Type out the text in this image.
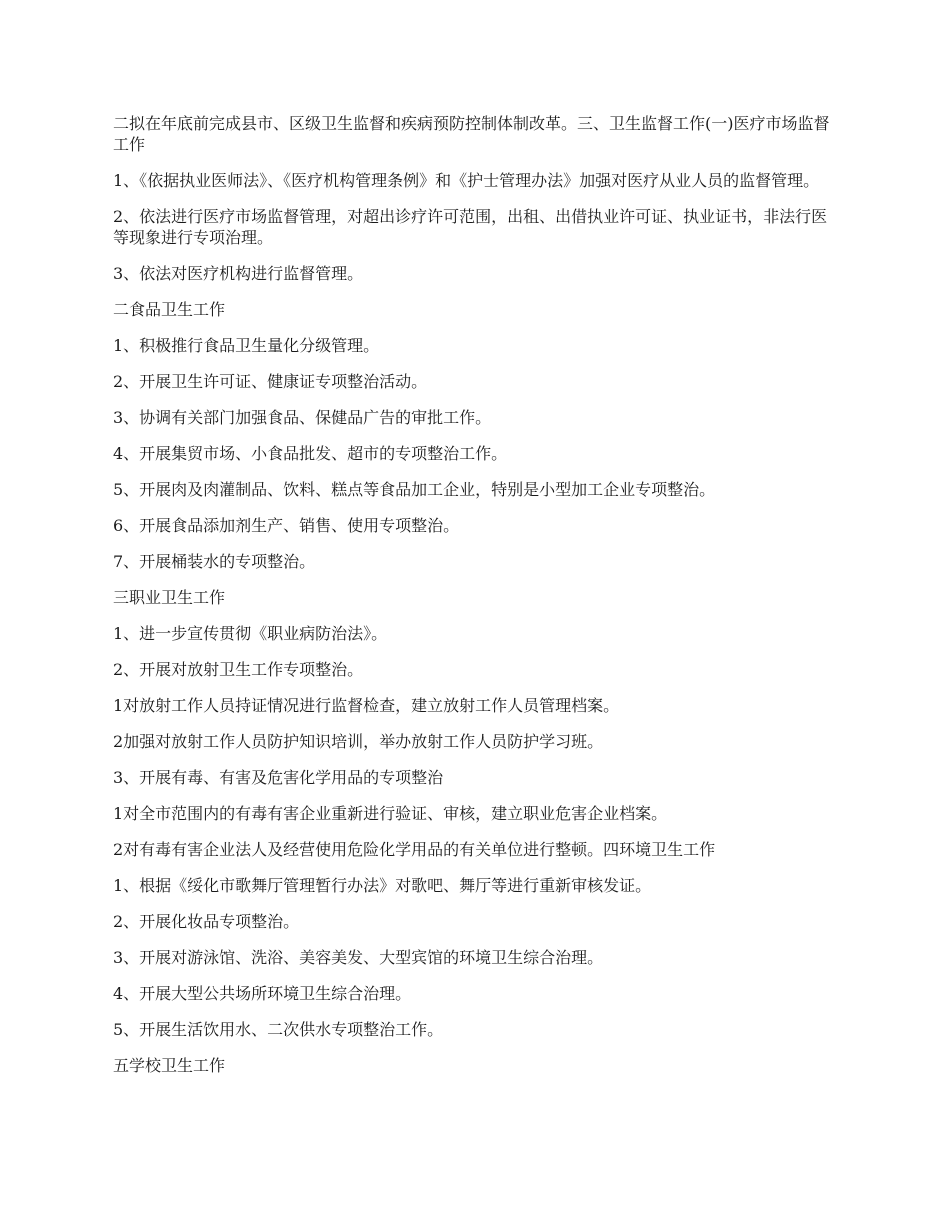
二拟在年底前完成县市、区级卫生监督和疾病预防控制体制改革。三、卫生监督工作(一)医疗市场监督工作

1、《依据执业医师法》、《医疗机构管理条例》和《护士管理办法》加强对医疗从业人员的监督管理。

2、依法进行医疗市场监督管理，对超出诊疗许可范围，出租、出借执业许可证、执业证书，非法行医等现象进行专项治理。

3、依法对医疗机构进行监督管理。

二食品卫生工作

1、积极推行食品卫生量化分级管理。

2、开展卫生许可证、健康证专项整治活动。

3、协调有关部门加强食品、保健品广告的审批工作。

4、开展集贸市场、小食品批发、超市的专项整治工作。

5、开展肉及肉灌制品、饮料、糕点等食品加工企业，特别是小型加工企业专项整治。

6、开展食品添加剂生产、销售、使用专项整治。

7、开展桶装水的专项整治。

三职业卫生工作

1、进一步宣传贯彻《职业病防治法》。

2、开展对放射卫生工作专项整治。

1对放射工作人员持证情况进行监督检查，建立放射工作人员管理档案。

2加强对放射工作人员防护知识培训，举办放射工作人员防护学习班。

3、开展有毒、有害及危害化学用品的专项整治

1对全市范围内的有毒有害企业重新进行验证、审核，建立职业危害企业档案。

2对有毒有害企业法人及经营使用危险化学用品的有关单位进行整顿。四环境卫生工作

1、根据《绥化市歌舞厅管理暂行办法》对歌吧、舞厅等进行重新审核发证。

2、开展化妆品专项整治。

3、开展对游泳馆、洗浴、美容美发、大型宾馆的环境卫生综合治理。

4、开展大型公共场所环境卫生综合治理。

5、开展生活饮用水、二次供水专项整治工作。

五学校卫生工作
